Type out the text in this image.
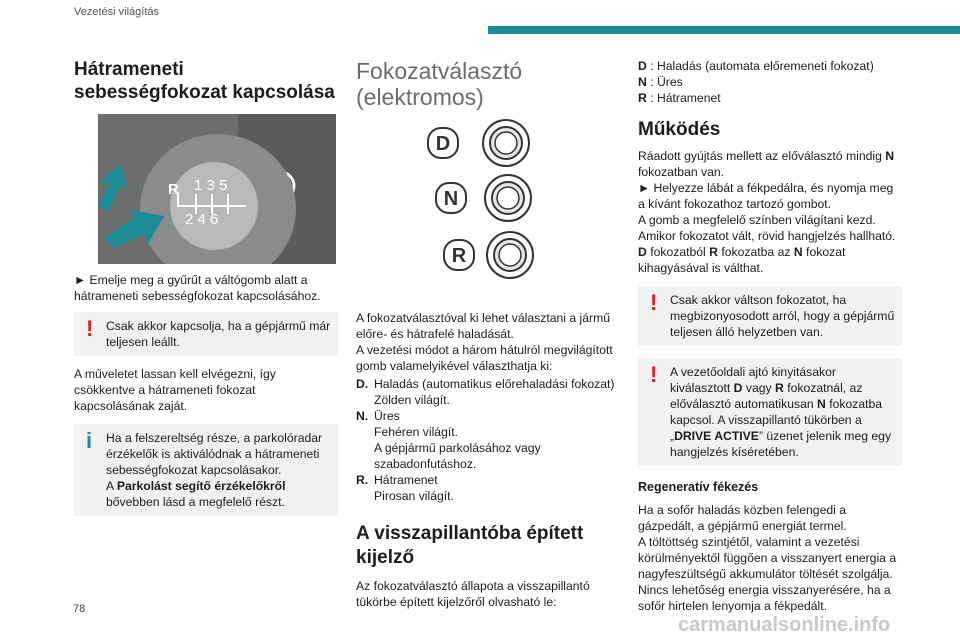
Vezetési világítás
Hátrameneti sebességfokozat kapcsolása
1 3 5
2 4 6
R

► Emelje meg a gyűrűt a váltógomb alatt a hátrameneti sebességfokozat kapcsolásához.

! Csak akkor kapcsolja, ha a gépjármű már teljesen leállt.

A műveletet lassan kell elvégezni, így csökkentve a hátrameneti fokozat kapcsolásának zaját.

i Ha a felszereltség része, a parkolóradar érzékelők is aktiválódnak a hátrameneti sebességfokozat kapcsolásakor.
A Parkolást segítő érzékelőkről bővebben lásd a megfelelő részt.
Fokozatválasztó (elektromos)
D
N
R

A fokozatválasztóval ki lehet választani a jármű előre- és hátrafelé haladását.
A vezetési módot a három hátulról megvilágított gomb valamelyikével választhatja ki:

D. Haladás (automatikus előrehaladási fokozat)
Zölden világít.
N. Üres
Fehéren világít.
A gépjármű parkolásához vagy szabadonfutáshoz.
R. Hátramenet
Pirosan világít.
A visszapillantóba épített kijelző

Az fokozatválasztó állapota a visszapillantó tükörbe épített kijelzőről olvasható le:

D : Haladás (automata előremeneti fokozat)

N : Üres

R : Hátramenet

Működés

Ráadott gyújtás mellett az előválasztó mindig N fokozatban van.

► Helyezze lábát a fékpedálra, és nyomja meg a kívánt fokozathoz tartozó gombot.

A gomb a megfelelő színben világítani kezd.

Amikor fokozatot vált, rövid hangjelzés hallható.

D fokozatból R fokozatba az N fokozat kihagyásával is válthat.

! Csak akkor váltson fokozatot, ha megbizonyosodott arról, hogy a gépjármű teljesen álló helyzetben van.
! A vezetőoldali ajtó kinyitásakor kiválasztott D vagy R fokozatnál, az előválasztó automatikusan N fokozatba kapcsol. A visszapillantó tükörben a „DRIVE ACTIVE” üzenet jelenik meg egy hangjelzés kíséretében.
Regeneratív fékezés

Ha a sofőr haladás közben felengedi a gázpedált, a gépjármű energiát termel.

A töltöttség szintjétől, valamint a vezetési körülményektől függően a visszanyert energia a nagyfeszültségű akkumulátor töltését szolgálja.

Nincs lehetőség energia visszanyerésére, ha a sofőr hirtelen lenyomja a fékpedált.

78
carmanualsonline.info
